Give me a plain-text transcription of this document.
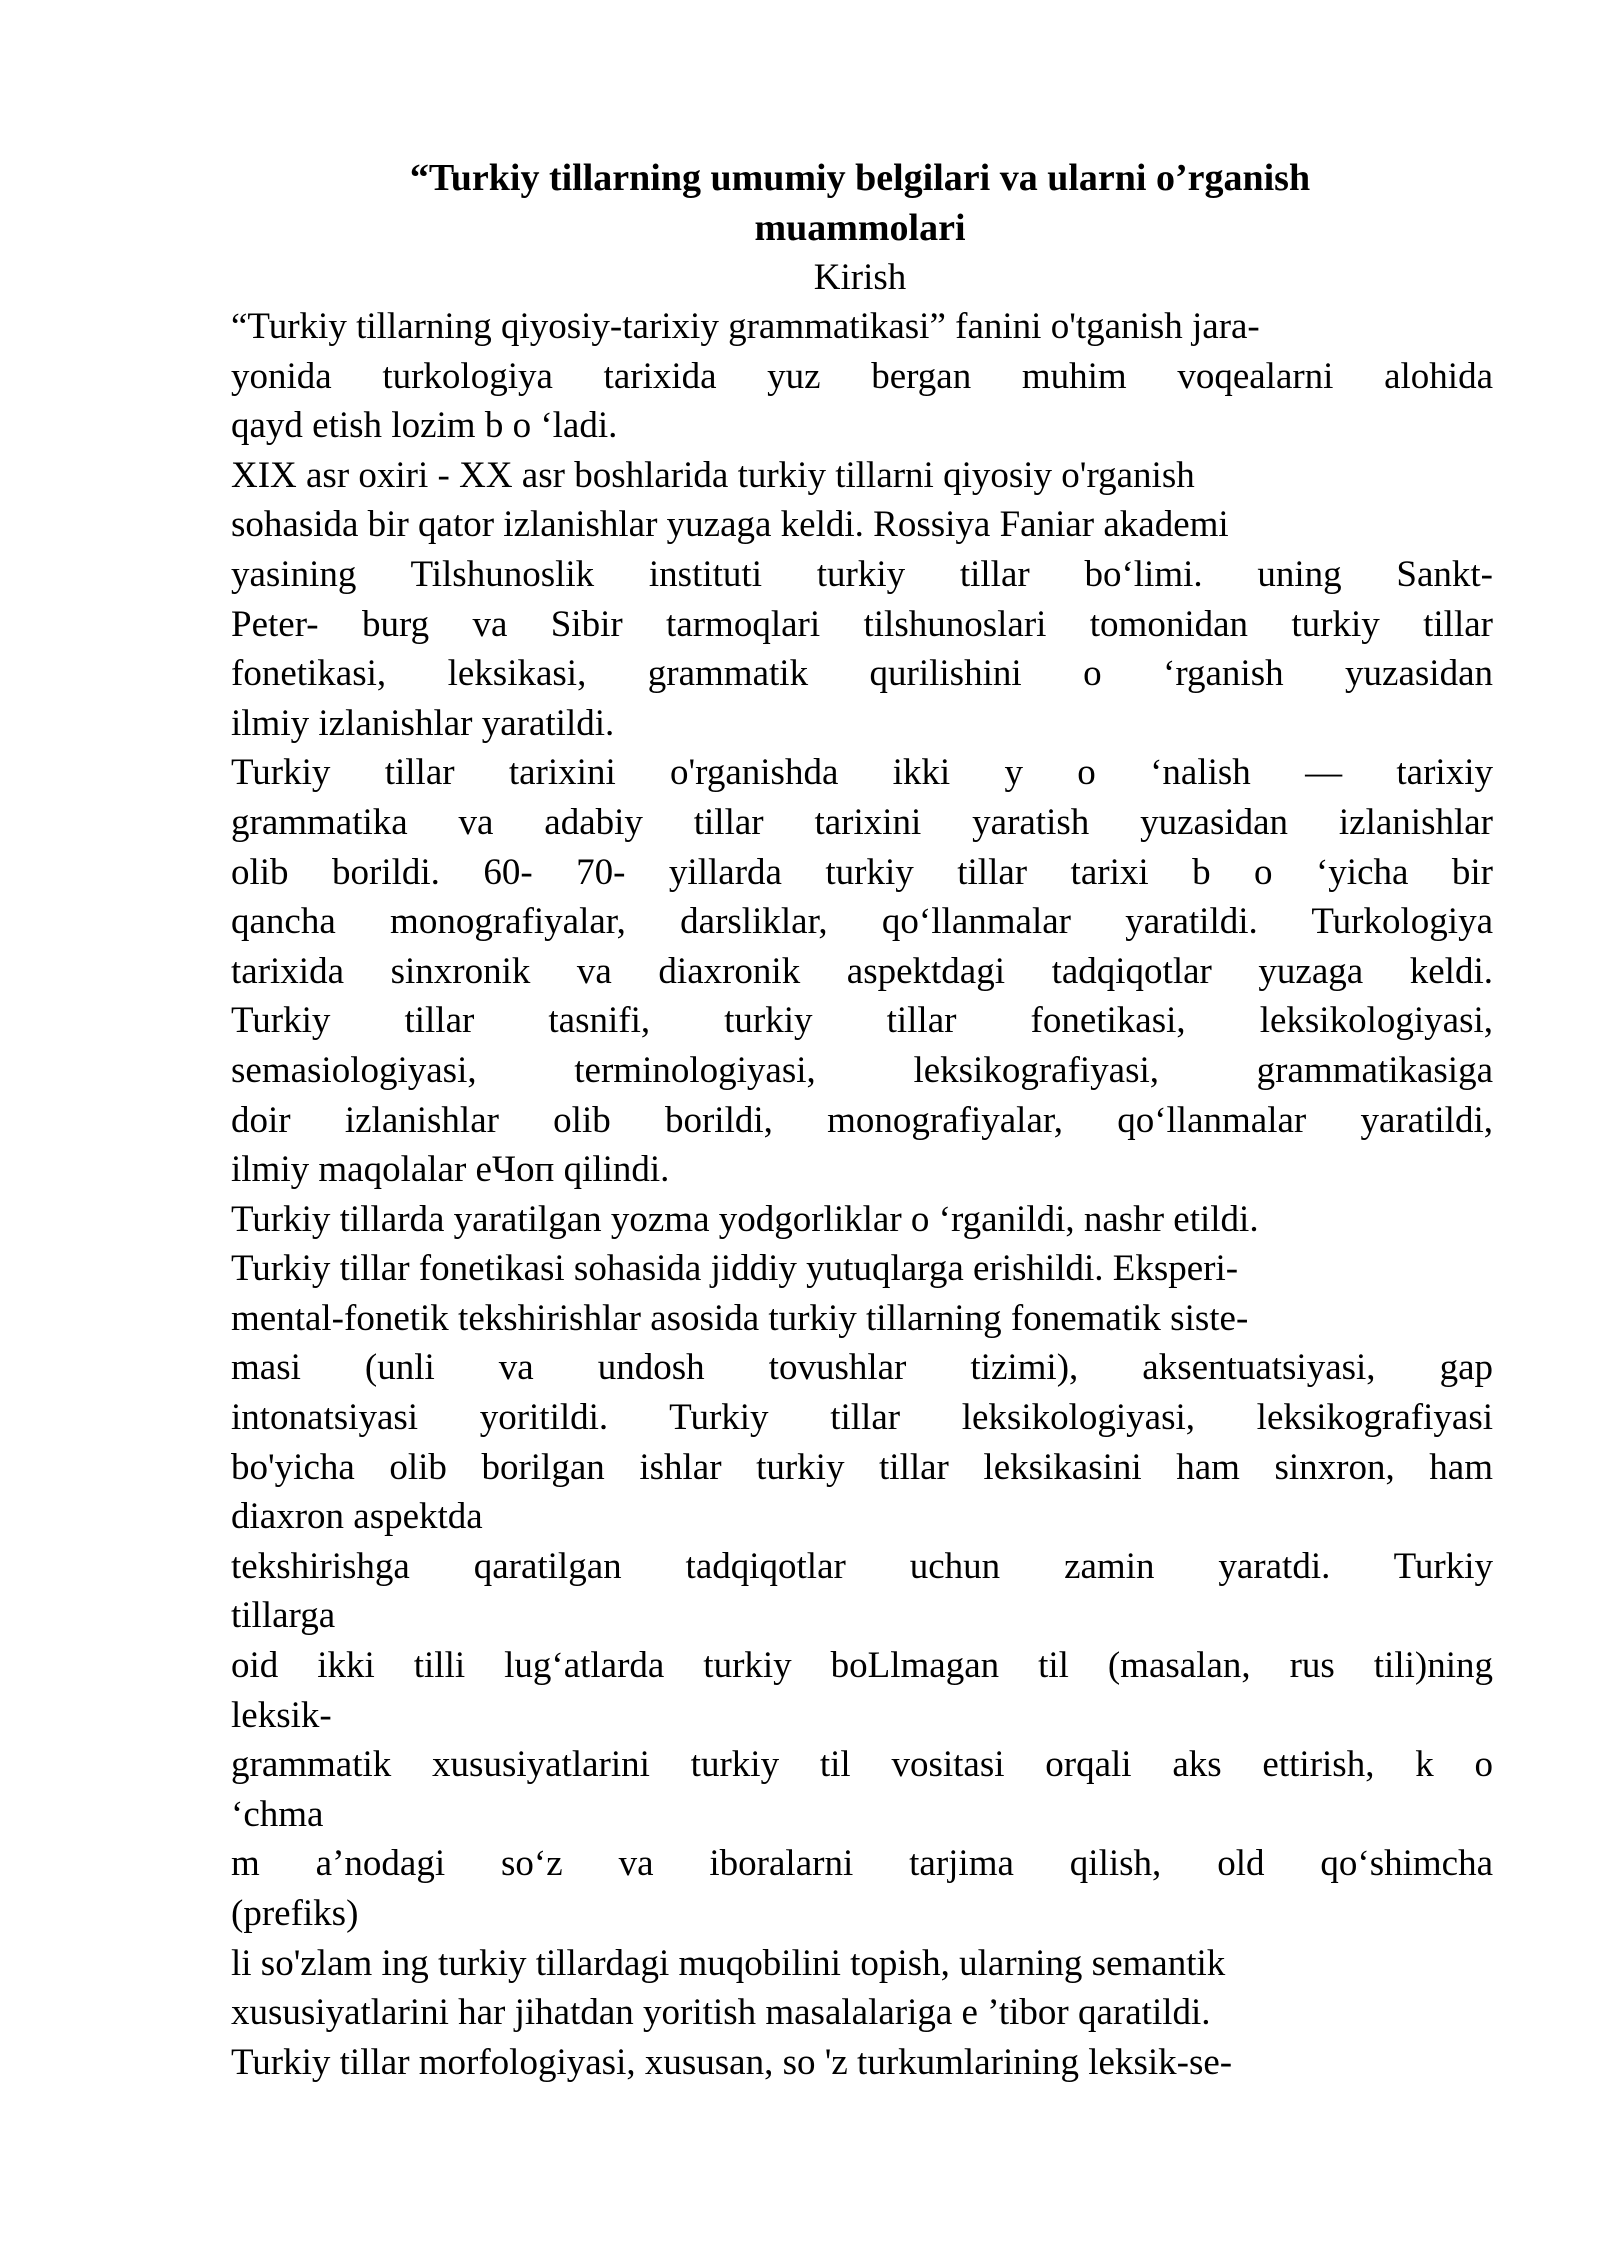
“Turkiy tillarning umumiy belgilari va ularni o’rganish
muammolari
Kirish
“Turkiy tillarning qiyosiy-tarixiy grammatikasi” fanini o'tganish jara-
yonida turkologiya tarixida yuz bergan muhim voqealarni alohida
qayd etish lozim b o ‘ladi.
XIX asr oxiri - XX asr boshlarida turkiy tillarni qiyosiy o'rganish
sohasida bir qator izlanishlar yuzaga keldi. Rossiya Faniar akademi
yasining Tilshunoslik instituti turkiy tillar bo‘limi. uning Sankt-
Peter- burg va Sibir tarmoqlari tilshunoslari tomonidan turkiy tillar
fonetikasi, leksikasi, grammatik qurilishini o ‘rganish yuzasidan
ilmiy izlanishlar yaratildi.
Turkiy tillar tarixini o'rganishda ikki y o ‘nalish — tarixiy
grammatika va adabiy tillar tarixini yaratish yuzasidan izlanishlar
olib borildi. 60- 70- yillarda turkiy tillar tarixi b o ‘yicha bir
qancha monografiyalar, darsliklar, qo‘llanmalar yaratildi. Turkologiya
tarixida sinxronik va diaxronik aspektdagi tadqiqotlar yuzaga keldi.
Turkiy tillar tasnifi, turkiy tillar fonetikasi, leksikologiyasi,
semasiologiyasi, terminologiyasi, leksikografiyasi, grammatikasiga
doir izlanishlar olib borildi, monografiyalar, qo‘llanmalar yaratildi,
ilmiy maqolalar eЧоп qilindi.
Turkiy tillarda yaratilgan yozma yodgorliklar o ‘rganildi, nashr etildi.
Turkiy tillar fonetikasi sohasida jiddiy yutuqlarga erishildi. Eksperi-
mental-fonetik tekshirishlar asosida turkiy tillarning fonematik siste-
masi (unli va undosh tovushlar tizimi), aksentuatsiyasi, gap
intonatsiyasi yoritildi. Turkiy tillar leksikologiyasi, leksikografiyasi
bo'yicha olib borilgan ishlar turkiy tillar leksikasini ham sinxron, ham
diaxron aspektda
tekshirishga qaratilgan tadqiqotlar uchun zamin yaratdi. Turkiy
tillarga
oid ikki tilli lug‘atlarda turkiy boLlmagan til (masalan, rus tili)ning
leksik-
grammatik xususiyatlarini turkiy til vositasi orqali aks ettirish, k o
‘chma
m a’nodagi so‘z va iboralarni tarjima qilish, old qo‘shimcha
(prefiks)
li so'zlam ing turkiy tillardagi muqobilini topish, ularning semantik
xususiyatlarini har jihatdan yoritish masalalariga e ’tibor qaratildi.
Turkiy tillar morfologiyasi, xususan, so 'z turkumlarining leksik-se-
